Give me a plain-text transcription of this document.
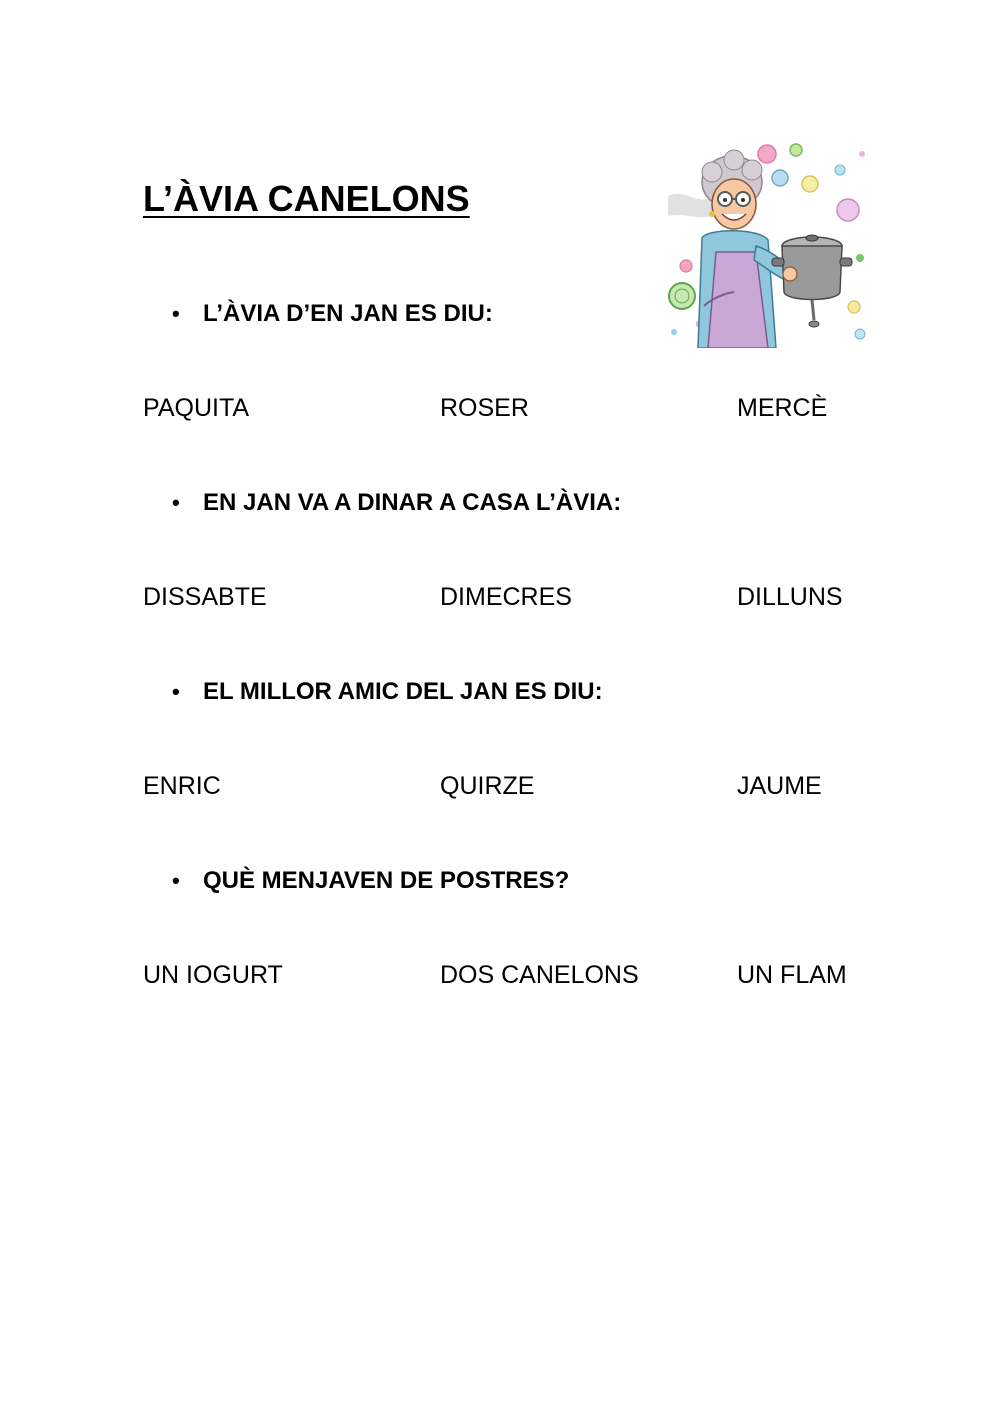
L’ÀVIA CANELONS
• L’ÀVIA D’EN JAN ES DIU:
PAQUITA	ROSER	MERCÈ
• EN JAN VA A DINAR A CASA L’ÀVIA:
DISSABTE	DIMECRES	DILLUNS
• EL MILLOR AMIC DEL JAN ES DIU:
ENRIC	QUIRZE	JAUME
• QUÈ MENJAVEN DE POSTRES?
UN IOGURT	DOS CANELONS	UN FLAM
